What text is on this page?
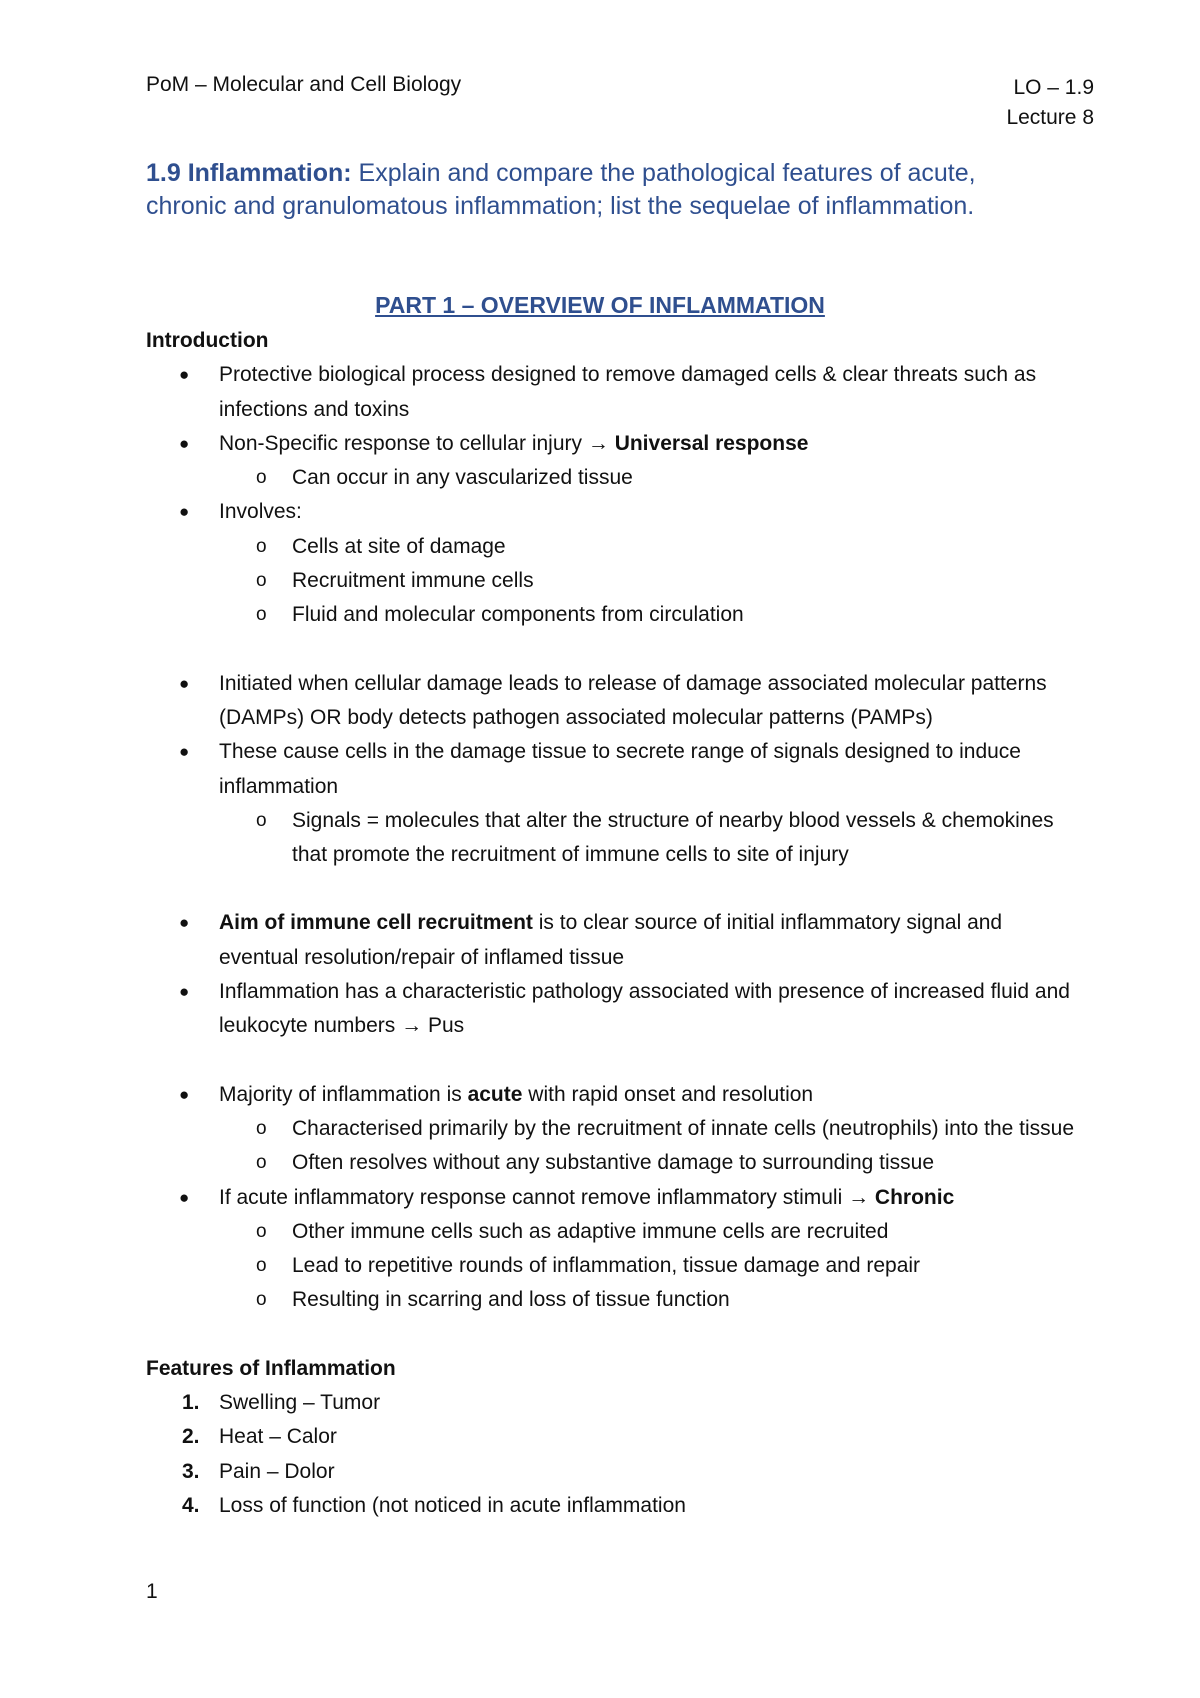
PoM – Molecular and Cell Biology	LO – 1.9
Lecture 8
1.9 Inflammation: Explain and compare the pathological features of acute, chronic and granulomatous inflammation; list the sequelae of inflammation.
PART 1 – OVERVIEW OF INFLAMMATION
Introduction
● Protective biological process designed to remove damaged cells & clear threats such as infections and toxins
● Non-Specific response to cellular injury → Universal response
o Can occur in any vascularized tissue
● Involves:
o Cells at site of damage
o Recruitment immune cells
o Fluid and molecular components from circulation
● Initiated when cellular damage leads to release of damage associated molecular patterns (DAMPs) OR body detects pathogen associated molecular patterns (PAMPs)
● These cause cells in the damage tissue to secrete range of signals designed to induce inflammation
o Signals = molecules that alter the structure of nearby blood vessels & chemokines that promote the recruitment of immune cells to site of injury
● Aim of immune cell recruitment is to clear source of initial inflammatory signal and eventual resolution/repair of inflamed tissue
● Inflammation has a characteristic pathology associated with presence of increased fluid and leukocyte numbers → Pus
● Majority of inflammation is acute with rapid onset and resolution
o Characterised primarily by the recruitment of innate cells (neutrophils) into the tissue
o Often resolves without any substantive damage to surrounding tissue
● If acute inflammatory response cannot remove inflammatory stimuli → Chronic
o Other immune cells such as adaptive immune cells are recruited
o Lead to repetitive rounds of inflammation, tissue damage and repair
o Resulting in scarring and loss of tissue function
Features of Inflammation
1. Swelling – Tumor
2. Heat – Calor
3. Pain – Dolor
4. Loss of function (not noticed in acute inflammation
1
